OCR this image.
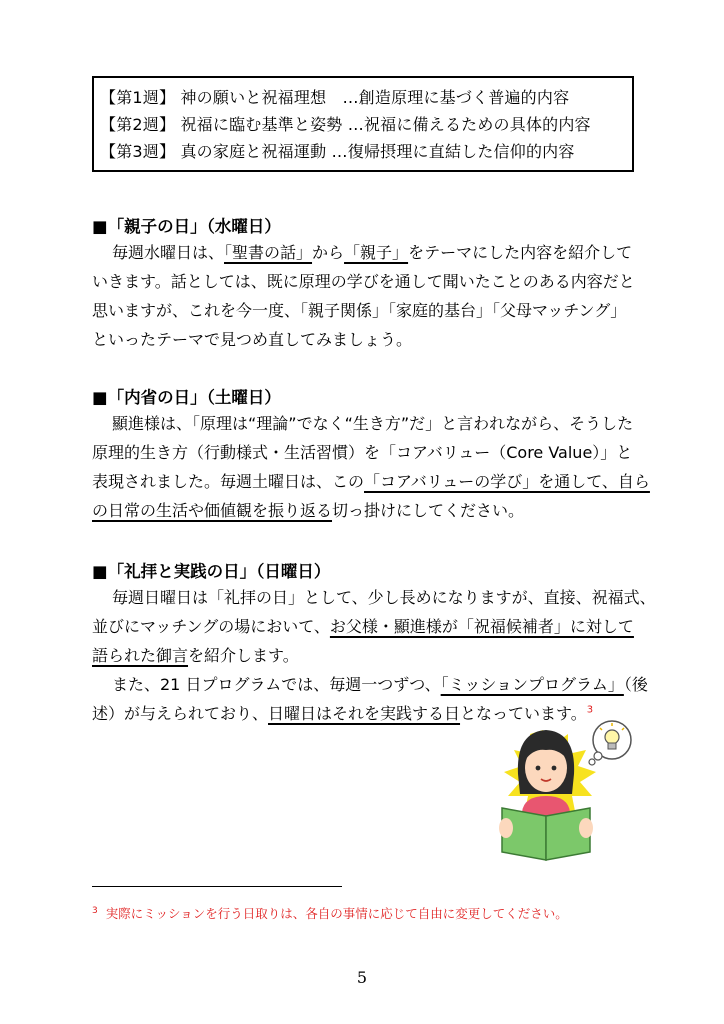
【第1週】 神の願いと祝福理想　…創造原理に基づく普遍的内容
【第2週】 祝福に臨む基準と姿勢 …祝福に備えるための具体的内容
【第3週】 真の家庭と祝福運動 …復帰摂理に直結した信仰的内容
■「親子の日」（水曜日）
毎週水曜日は、「聖書の話」から「親子」をテーマにした内容を紹介して
いきます。話としては、既に原理の学びを通して聞いたことのある内容だと
思いますが、これを今一度、「親子関係」「家庭的基台」「父母マッチング」
といったテーマで見つめ直してみましょう。
■「内省の日」（土曜日）
顯進様は、「原理は“理論”でなく“生き方”だ」と言われながら、そうした
原理的生き方（行動様式・生活習慣）を「コアバリュー（Core Value）」と
表現されました。毎週土曜日は、この「コアバリューの学び」を通して、自ら
の日常の生活や価値観を振り返る切っ掛けにしてください。
■「礼拝と実践の日」（日曜日）
毎週日曜日は「礼拝の日」として、少し長めになりますが、直接、祝福式、
並びにマッチングの場において、お父様・顯進様が「祝福候補者」に対して
語られた御言を紹介します。
また、21 日プログラムでは、毎週一つずつ、「ミッションプログラム」（後
述）が与えられており、日曜日はそれを実践する日となっています。$^3$
$^3$ 実際にミッションを行う日取りは、各自の事情に応じて自由に変更してください。
5
